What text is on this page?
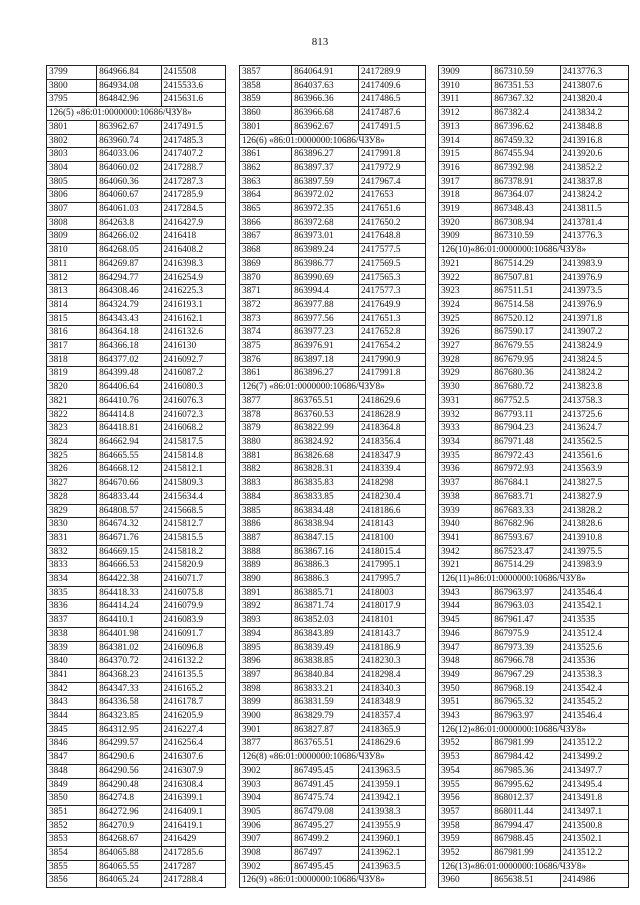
813
3799	864966.84	2415508
3800	864934.08	2415533.6
3795	864842.96	2415631.6
126(5) «86:01:0000000:10686/ЧЗУ8»		
3801	863962.67	2417491.5
3802	863960.74	2417485.3
3803	864033.06	2417407.2
3804	864060.02	2417288.7
3805	864060.36	2417287.3
3806	864060.67	2417285.9
3807	864061.03	2417284.5
3808	864263.8	2416427.9
3809	864266.02	2416418
3810	864268.05	2416408.2
3811	864269.87	2416398.3
3812	864294.77	2416254.9
3813	864308.46	2416225.3
3814	864324.79	2416193.1
3815	864343.43	2416162.1
3816	864364.18	2416132.6
3817	864366.18	2416130
3818	864377.02	2416092.7
3819	864399.48	2416087.2
3820	864406.64	2416080.3
3821	864410.76	2416076.3
3822	864414.8	2416072.3
3823	864418.81	2416068.2
3824	864662.94	2415817.5
3825	864665.55	2415814.8
3826	864668.12	2415812.1
3827	864670.66	2415809.3
3828	864833.44	2415634.4
3829	864808.57	2415668.5
3830	864674.32	2415812.7
3831	864671.76	2415815.5
3832	864669.15	2415818.2
3833	864666.53	2415820.9
3834	864422.38	2416071.7
3835	864418.33	2416075.8
3836	864414.24	2416079.9
3837	864410.1	2416083.9
3838	864401.98	2416091.7
3839	864381.02	2416096.8
3840	864370.72	2416132.2
3841	864368.23	2416135.5
3842	864347.33	2416165.2
3843	864336.58	2416178.7
3844	864323.85	2416205.9
3845	864312.95	2416227.4
3846	864299.57	2416256.4
3847	864290.6	2416307.6
3848	864290.56	2416307.9
3849	864290.48	2416308.4
3850	864274.8	2416399.1
3851	864272.96	2416409.1
3852	864270.9	2416419.1
3853	864268.67	2416429
3854	864065.88	2417285.6
3855	864065.55	2417287
3856	864065.24	2417288.4
3857	864064.91	2417289.9
3858	864037.63	2417409.6
3859	863966.36	2417486.5
3860	863966.68	2417487.6
3801	863962.67	2417491.5
126(6) «86:01:0000000:10686/ЧЗУ8»		
3861	863896.27	2417991.8
3862	863897.37	2417972.9
3863	863897.59	2417967.4
3864	863972.02	2417653
3865	863972.35	2417651.6
3866	863972.68	2417650.2
3867	863973.01	2417648.8
3868	863989.24	2417577.5
3869	863986.77	2417569.5
3870	863990.69	2417565.3
3871	863994.4	2417577.3
3872	863977.88	2417649.9
3873	863977.56	2417651.3
3874	863977.23	2417652.8
3875	863976.91	2417654.2
3876	863897.18	2417990.9
3861	863896.27	2417991.8
126(7) «86:01:0000000:10686/ЧЗУ8»		
3877	863765.51	2418629.6
3878	863760.53	2418628.9
3879	863822.99	2418364.8
3880	863824.92	2418356.4
3881	863826.68	2418347.9
3882	863828.31	2418339.4
3883	863835.83	2418298
3884	863833.85	2418230.4
3885	863834.48	2418186.6
3886	863838.94	2418143
3887	863847.15	2418100
3888	863867.16	2418015.4
3889	863886.3	2417995.1
3890	863886.3	2417995.7
3891	863885.71	2418003
3892	863871.74	2418017.9
3893	863852.03	2418101
3894	863843.89	2418143.7
3895	863839.49	2418186.9
3896	863838.85	2418230.3
3897	863840.84	2418298.4
3898	863833.21	2418340.3
3899	863831.59	2418348.9
3900	863829.79	2418357.4
3901	863827.87	2418365.9
3877	863765.51	2418629.6
126(8) «86:01:0000000:10686/ЧЗУ8»		
3902	867495.45	2413963.5
3903	867491.45	2413959.1
3904	867475.74	2413942.1
3905	867479.08	2413938.3
3906	867495.27	2413955.9
3907	867499.2	2413960.1
3908	867497	2413962.1
3902	867495.45	2413963.5
126(9) «86:01:0000000:10686/ЧЗУ8»		
3909	867310.59	2413776.3
3910	867351.53	2413807.6
3911	867367.32	2413820.4
3912	867382.4	2413834.2
3913	867396.62	2413848.8
3914	867459.32	2413916.8
3915	867455.94	2413920.6
3916	867392.98	2413852.2
3917	867378.91	2413837.8
3918	867364.07	2413824.2
3919	867348.43	2413811.5
3920	867308.94	2413781.4
3909	867310.59	2413776.3
126(10)«86:01:0000000:10686/ЧЗУ8»		
3921	867514.29	2413983.9
3922	867507.81	2413976.9
3923	867511.51	2413973.5
3924	867514.58	2413976.9
3925	867520.12	2413971.8
3926	867590.17	2413907.2
3927	867679.55	2413824.9
3928	867679.95	2413824.5
3929	867680.36	2413824.2
3930	867680.72	2413823.8
3931	867752.5	2413758.3
3932	867793.11	2413725.6
3933	867904.23	2413624.7
3934	867971.48	2413562.5
3935	867972.43	2413561.6
3936	867972.93	2413563.9
3937	867684.1	2413827.5
3938	867683.71	2413827.9
3939	867683.33	2413828.2
3940	867682.96	2413828.6
3941	867593.67	2413910.8
3942	867523.47	2413975.5
3921	867514.29	2413983.9
126(11)«86:01:0000000:10686/ЧЗУ8»		
3943	867963.97	2413546.4
3944	867963.03	2413542.1
3945	867961.47	2413535
3946	867975.9	2413512.4
3947	867973.39	2413525.6
3948	867966.78	2413536
3949	867967.29	2413538.3
3950	867968.19	2413542.4
3951	867965.32	2413545.2
3943	867963.97	2413546.4
126(12)«86:01:0000000:10686/ЧЗУ8»		
3952	867981.99	2413512.2
3953	867984.42	2413499.2
3954	867985.36	2413497.7
3955	867995.62	2413495.4
3956	868012.37	2413491.8
3957	868011.44	2413497.1
3958	867994.47	2413500.8
3959	867988.45	2413502.1
3952	867981.99	2413512.2
126(13)«86:01:0000000:10686/ЧЗУ8»		
3960	865638.51	2414986
